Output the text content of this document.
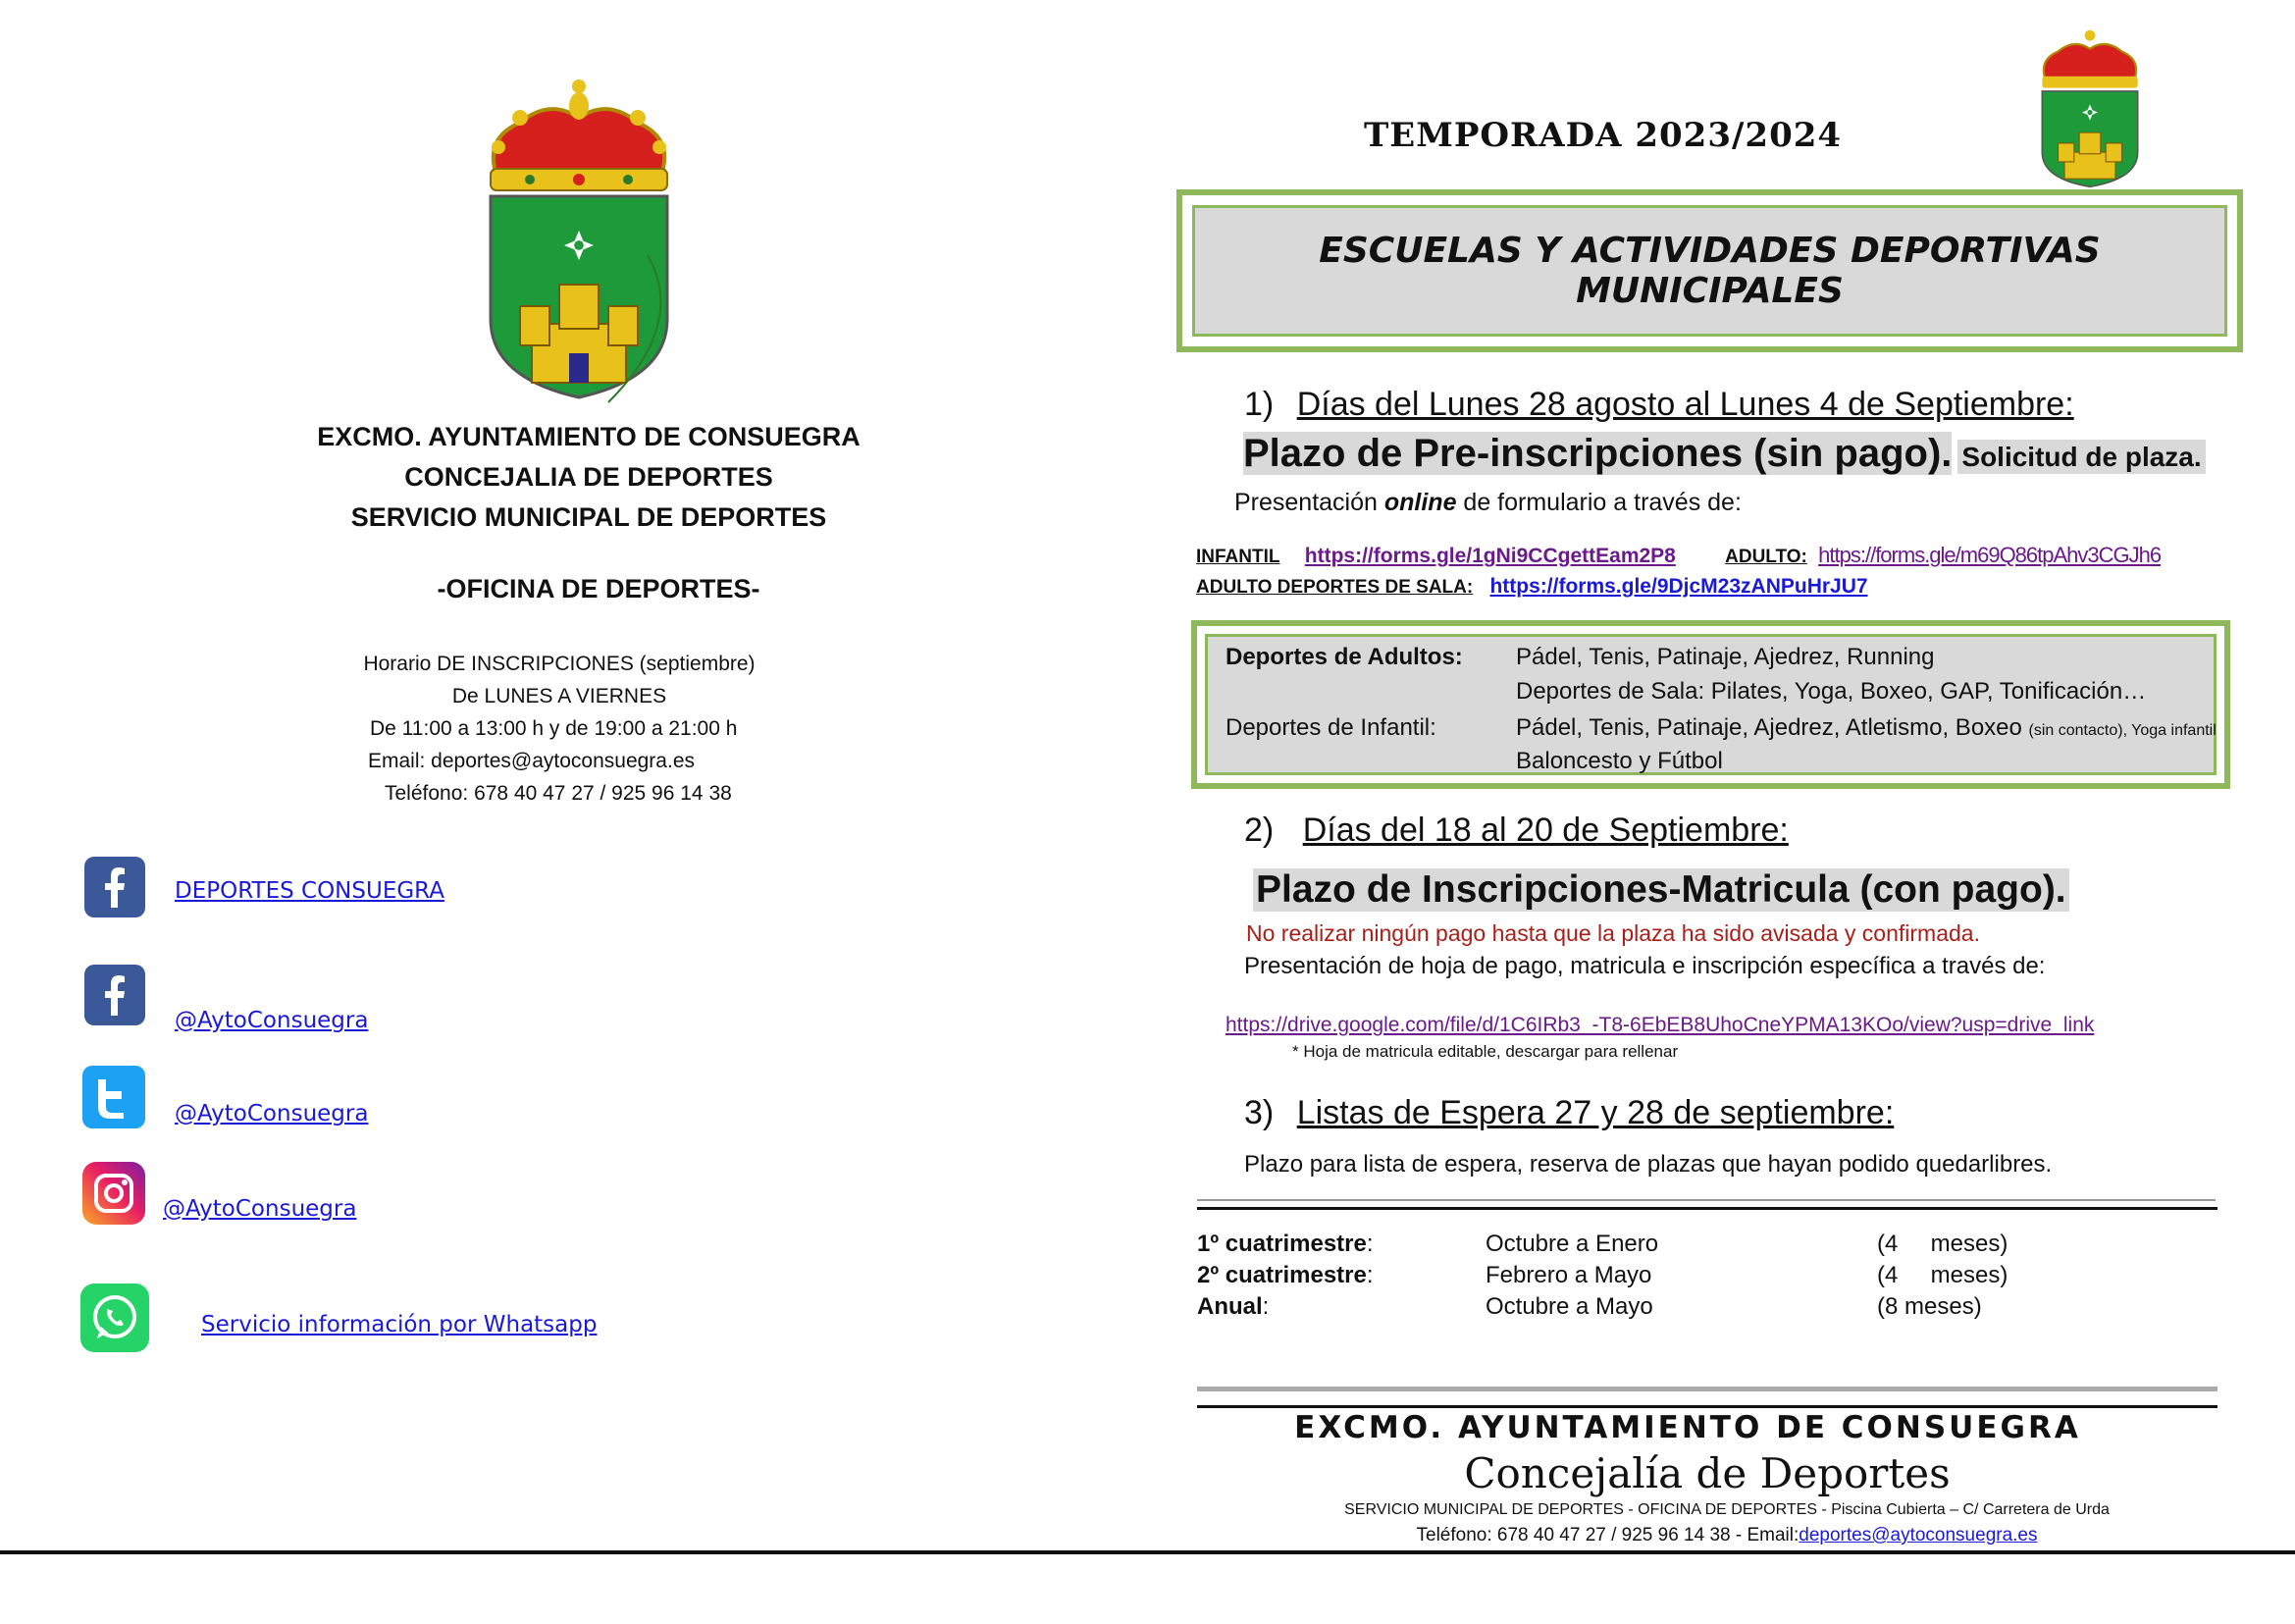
EXCMO. AYUNTAMIENTO DE CONSUEGRA
CONCEJALIA DE DEPORTES
SERVICIO MUNICIPAL DE DEPORTES
-OFICINA DE DEPORTES-
Horario DE INSCRIPCIONES (septiembre)
De LUNES A VIERNES
De 11:00 a 13:00 h y de 19:00 a 21:00 h
Email: deportes@aytoconsuegra.es
Teléfono: 678 40 47 27 / 925 96 14 38
DEPORTES CONSUEGRA
@AytoConsuegra
@AytoConsuegra
@AytoConsuegra
Servicio información por Whatsapp
TEMPORADA 2023/2024
ESCUELAS Y ACTIVIDADES DEPORTIVAS
MUNICIPALES
1) Días del Lunes 28 agosto al Lunes 4 de Septiembre:
Plazo de Pre-inscripciones (sin pago). Solicitud de plaza.
Presentación online de formulario a través de:
INFANTIL https://forms.gle/1gNi9CCgettEam2P8	ADULTO: https://forms.gle/m69Q86tpAhv3CGJh6
ADULTO DEPORTES DE SALA: https://forms.gle/9DjcM23zANPuHrJU7
Deportes de Adultos: Pádel, Tenis, Patinaje, Ajedrez, Running
Deportes de Sala: Pilates, Yoga, Boxeo, GAP, Tonificación…
Deportes de Infantil:	Pádel, Tenis, Patinaje, Ajedrez, Atletismo, Boxeo (sin contacto), Yoga infantil
Baloncesto y Fútbol
2) Días del 18 al 20 de Septiembre:
Plazo de Inscripciones-Matricula (con pago).
No realizar ningún pago hasta que la plaza ha sido avisada y confirmada.
Presentación de hoja de pago, matricula e inscripción específica a través de:
https://drive.google.com/file/d/1C6IRb3_-T8-6EbEB8UhoCneYPMA13KOo/view?usp=drive_link
* Hoja de matricula editable, descargar para rellenar
3) Listas de Espera 27 y 28 de septiembre:
Plazo para lista de espera, reserva de plazas que hayan podido quedarlibres.
1º cuatrimestre:	Octubre a Enero	(4     meses)
2º cuatrimestre:	Febrero a Mayo	(4     meses)
Anual:	Octubre a Mayo	(8 meses)
EXCMO. AYUNTAMIENTO DE CONSUEGRA
Concejalía de Deportes
SERVICIO MUNICIPAL DE DEPORTES - OFICINA DE DEPORTES - Piscina Cubierta – C/ Carretera de Urda
Teléfono: 678 40 47 27 / 925 96 14 38 - Email:deportes@aytoconsuegra.es
